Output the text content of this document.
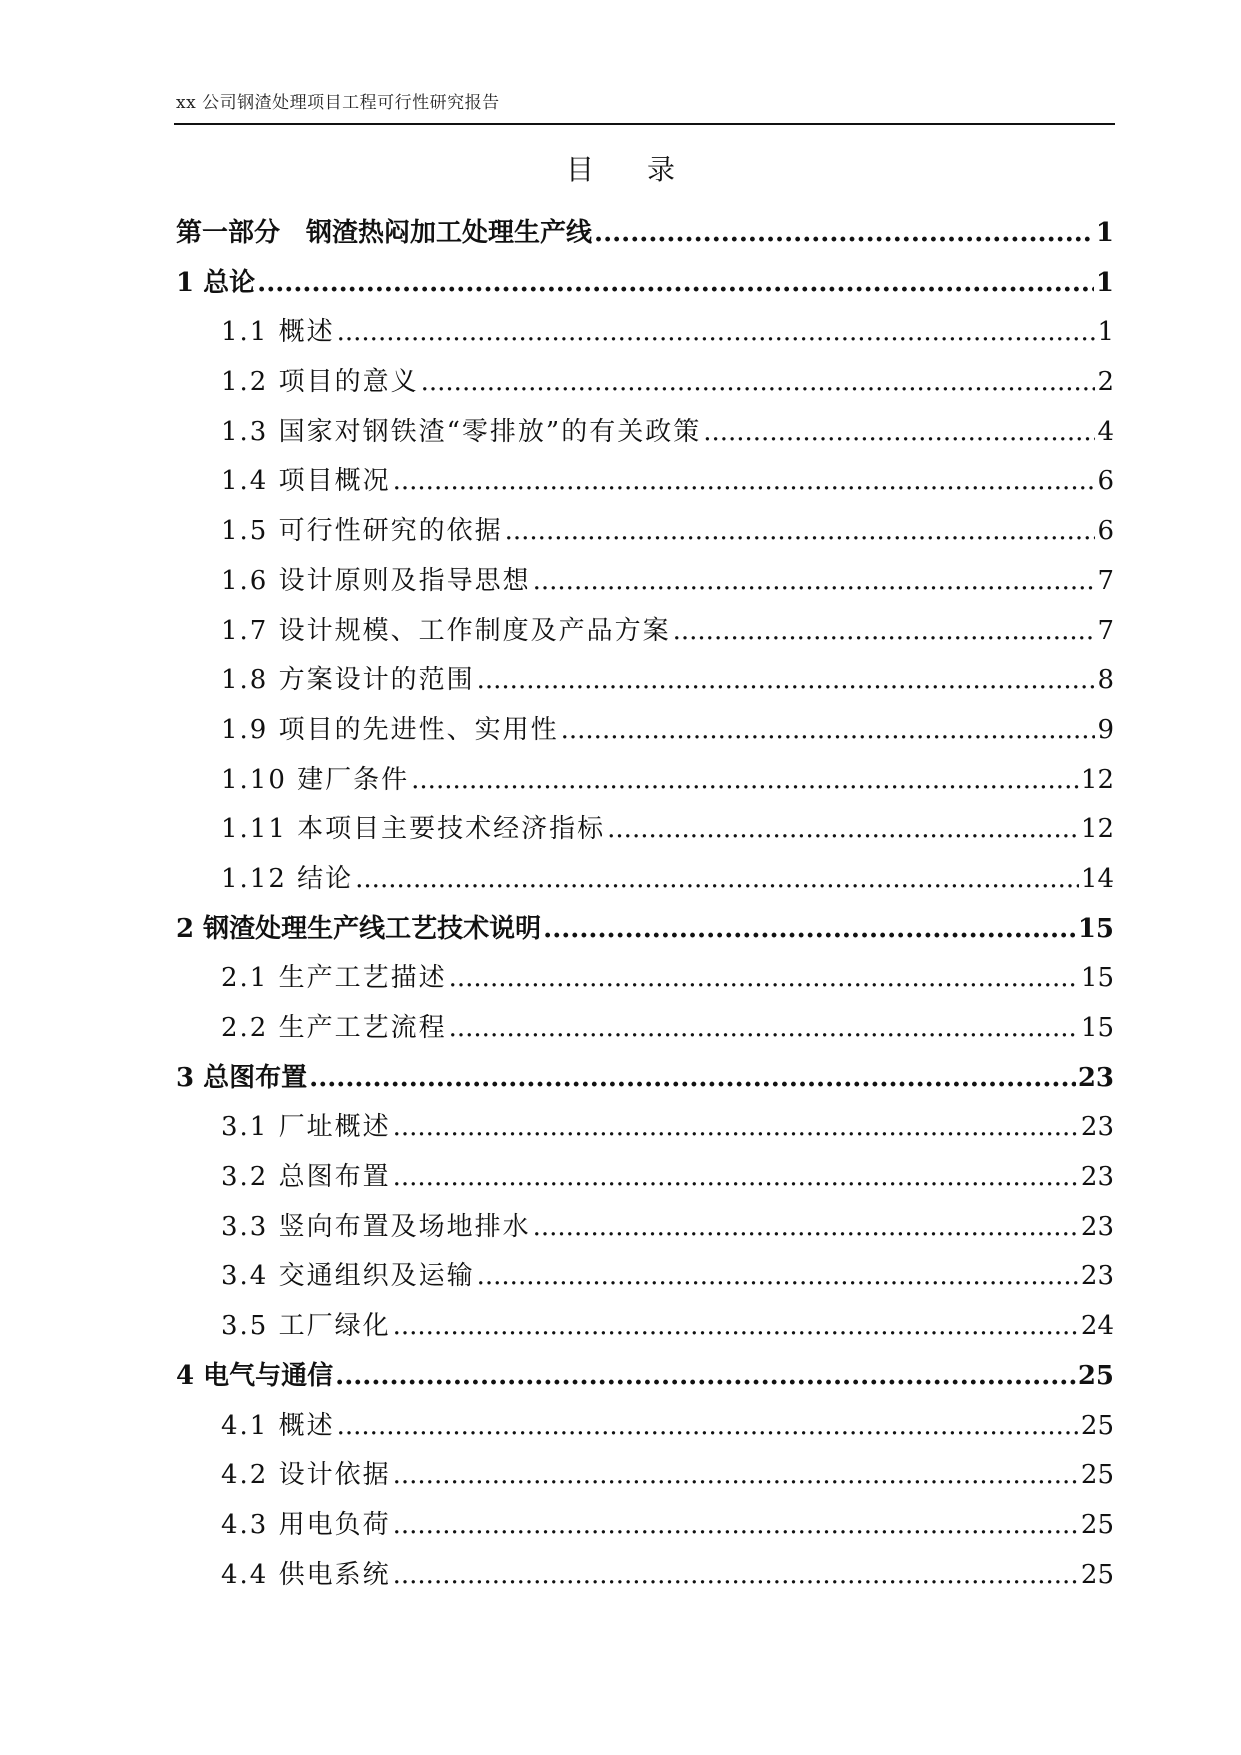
xx 公司钢渣处理项目工程可行性研究报告
目 录
第一部分　钢渣热闷加工处理生产线 .....	1
1 总论 .....	1
1.1 概述 .....	1
1.2 项目的意义 .....	2
1.3 国家对钢铁渣“零排放”的有关政策 .....	4
1.4 项目概况 .....	6
1.5 可行性研究的依据 .....	6
1.6 设计原则及指导思想 .....	7
1.7 设计规模、工作制度及产品方案 .....	7
1.8 方案设计的范围 .....	8
1.9 项目的先进性、实用性 .....	9
1.10 建厂条件 .....	12
1.11 本项目主要技术经济指标 .....	12
1.12 结论 .....	14
2 钢渣处理生产线工艺技术说明 .....	15
2.1 生产工艺描述 .....	15
2.2 生产工艺流程 .....	15
3 总图布置 .....	23
3.1 厂址概述 .....	23
3.2 总图布置 .....	23
3.3 竖向布置及场地排水 .....	23
3.4 交通组织及运输 .....	23
3.5 工厂绿化 .....	24
4 电气与通信 .....	25
4.1 概述 .....	25
4.2 设计依据 .....	25
4.3 用电负荷 .....	25
4.4 供电系统 .....	25
